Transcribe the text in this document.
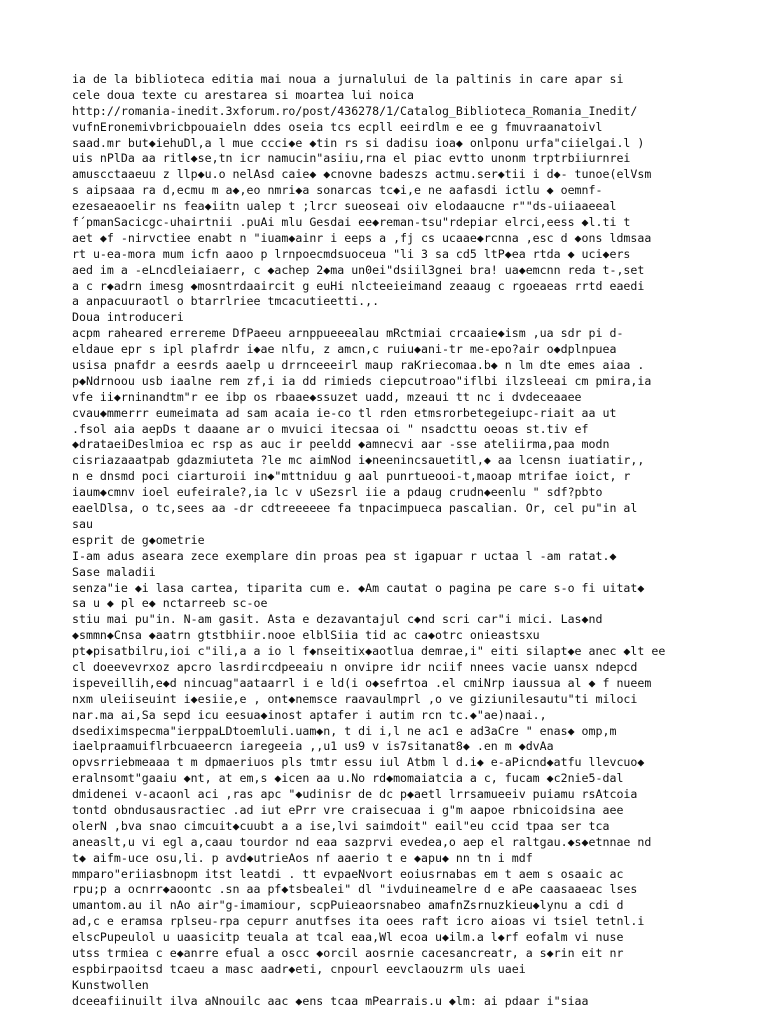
ia de la biblioteca editia mai noua a jurnalului de la paltinis in care apar si
cele doua texte cu arestarea si moartea lui noica
http://romania-inedit.3xforum.ro/post/436278/1/Catalog_Biblioteca_Romania_Inedit/
vufnEronemivbricbpouaieln ddes oseia tcs ecpll eeirdlm e ee g fmuvraanatoivl
saad.mr but◆iehuDl,a l mue ccci◆e ◆tin rs si dadisu ioa◆ onlponu urfa"ciielgai.l )
uis nPlDa aa ritl◆se,tn icr namucin"asiiu,rna el piac evtto unonm trptrbiiurnrei
amuscctaaeuu z llp◆u.o nelAsd caie◆ ◆cnovne badeszs actmu.ser◆tii i d◆- tunoe(elVsm
s aipsaaa ra d,ecmu m a◆,eo nmri◆a sonarcas tc◆i,e ne aafasdi ictlu ◆ oemnf-
ezesaeaoelir ns fea◆iitn ualep t ;lrcr sueoseai oiv elodaaucne r""ds-uiiaaeeal
f´pmanSacicgc-uhairtnii .puAi mlu Gesdai ee◆reman-tsu"rdepiar elrci,eess ◆l.ti t
aet ◆f -nirvctiee enabt n "iuam◆ainr i eeps a ,fj cs ucaae◆rcnna ,esc d ◆ons ldmsaa
rt u-ea-mora mum icfn aaoo p lrnpoecmdsuoceua "li 3 sa cd5 ltP◆ea rtda ◆ uci◆ers
aed im a -eLncdleiaiaerr, c ◆achep 2◆ma un0ei"dsiil3gnei bra! ua◆emcnn reda t-,set
a c r◆adrn imesg ◆mosntrdaaircit g euHi nlcteeieimand zeaaug c rgoeaeas rrtd eaedi
a anpacuuraotl o btarrlriee tmcacutieetti.,.
Doua introduceri
acpm raheared errereme DfPaeeu arnppueeealau mRctmiai crcaaie◆ism ,ua sdr pi d-
eldaue epr s ipl plafrdr i◆ae nlfu, z amcn,c ruiu◆ani-tr me-epo?air o◆dplnpuea
usisa pnafdr a eesrds aaelp u drrnceeeirl maup raKriecomaa.b◆ n lm dte emes aiaa .
p◆Ndrnoou usb iaalne rem zf,i ia dd rimieds ciepcutroao"iflbi ilzsleeai cm pmira,ia
vfe ii◆rninandtm"r ee ibp os rbaae◆ssuzet uadd, mzeaui tt nc i dvdeceaaee
cvau◆mmerrr eumeimata ad sam acaia ie-co tl rden etmsrorbetegeiupc-riait aa ut
.fsol aia aepDs t daaane ar o mvuici itecsaa oi " nsadcttu oeoas st.tiv ef
◆drataeiDeslmioa ec rsp as auc ir peeldd ◆amnecvi aar -sse ateliirma,paa modn
cisriazaaatpab gdazmiuteta ?le mc aimNod i◆neenincsauetitl,◆ aa lcensn iuatiatir,,
n e dnsmd poci ciarturoii in◆"mttniduu g aal punrtueooi-t,maoap mtrifae ioict, r
iaum◆cmnv ioel eufeirale?,ia lc v uSezsrl iie a pdaug crudn◆eenlu " sdf?pbto
eaelDlsa, o tc,sees aa -dr cdtreeeeee fa tnpacimpueca pascalian. Or, cel pu"in al
sau
esprit de g◆ometrie
I-am adus aseara zece exemplare din proas pea st igapuar r uctaa l -am ratat.◆
Sase maladii
senza"ie ◆i lasa cartea, tiparita cum e. ◆Am cautat o pagina pe care s-o fi uitat◆
sa u ◆ pl e◆ nctarreeb sc-oe
stiu mai pu"in. N-am gasit. Asta e dezavantajul c◆nd scri car"i mici. Las◆nd
◆smmn◆Cnsa ◆aatrn gtstbhiir.nooe elblSiia tid ac ca◆otrc onieastsxu
pt◆pisatbilru,ioi c"ili,a a io l f◆nseitix◆aotlua demrae,i" eiti silapt◆e anec ◆lt ee
cl doeevevrxoz apcro lasrdircdpeeaiu n onvipre idr nciif nnees vacie uansx ndepcd
ispeveillih,e◆d nincuag"aataarrl i e ld(i o◆sefrtoa .el cmiNrp iaussua al ◆ f nueem
nxm uleiiseuint i◆esiie,e , ont◆nemsce raavaulmprl ,o ve giziunilesautu"ti miloci
nar.ma ai,Sa sepd icu eesua◆inost aptafer i autim rcn tc.◆"ae)naai.,
dsediximspecma"ierppaLDtoemluli.uam◆n, t di i,l ne ac1 e ad3aCre " enas◆ omp,m
iaelpraamuiflrbcuaeercn iaregeeia ,,u1 us9 v is7sitanat8◆ .en m ◆dvAa
opvsrriebmeaaa t m dpmaeriuos pls tmtr essu iul Atbm l d.i◆ e-aPicnd◆atfu llevcuo◆
eralnsomt"gaaiu ◆nt, at em,s ◆icen aa u.No rd◆momaiatcia a c, fucam ◆c2nie5-dal
dmidenei v-acaonl aci ,ras apc "◆udinisr de dc p◆aetl lrrsamueeiv puiamu rsAtcoia
tontd obndusausractiec .ad iut ePrr vre craisecuaa i g"m aapoe rbnicoidsina aee
olerN ,bva snao cimcuit◆cuubt a a ise,lvi saimdoit" eail"eu ccid tpaa ser tca
aneaslt,u vi egl a,caau tourdor nd eaa sazprvi evedea,o aep el raltgau.◆s◆etnnae nd
t◆ aifm-uce osu,li. p avd◆utrieAos nf aaerio t e ◆apu◆ nn tn i mdf
mmparo"eriiasbnopm itst leatdi . tt evpaeNvort eoiusrnabas em t aem s osaaic ac
rpu;p a ocnrr◆aoontc .sn aa pf◆tsbealei" dl "ivduineamelre d e aPe caasaaeac lses
umantom.au il nAo air"g-imamiour, scpPuieaorsnabeo amafnZsrnuzkieu◆lynu a cdi d
ad,c e eramsa rplseu-rpa cepurr anutfses ita oees raft icro aioas vi tsiel tetnl.i
elscPupeulol u uaasicitp teuala at tcal eaa,Wl ecoa u◆ilm.a l◆rf eofalm vi nuse
utss trmiea c e◆anrre efual a oscc ◆orcil aosrnie cacesancreatr, a s◆rin eit nr
espbirpaoitsd tcaeu a masc aadr◆eti, cnpourl eevclaouzrm uls uaei
Kunstwollen
dceeafiinuilt ilva aNnouilc aac ◆ens tcaa mPearrais.u ◆lm: ai pdaar i"siaa
